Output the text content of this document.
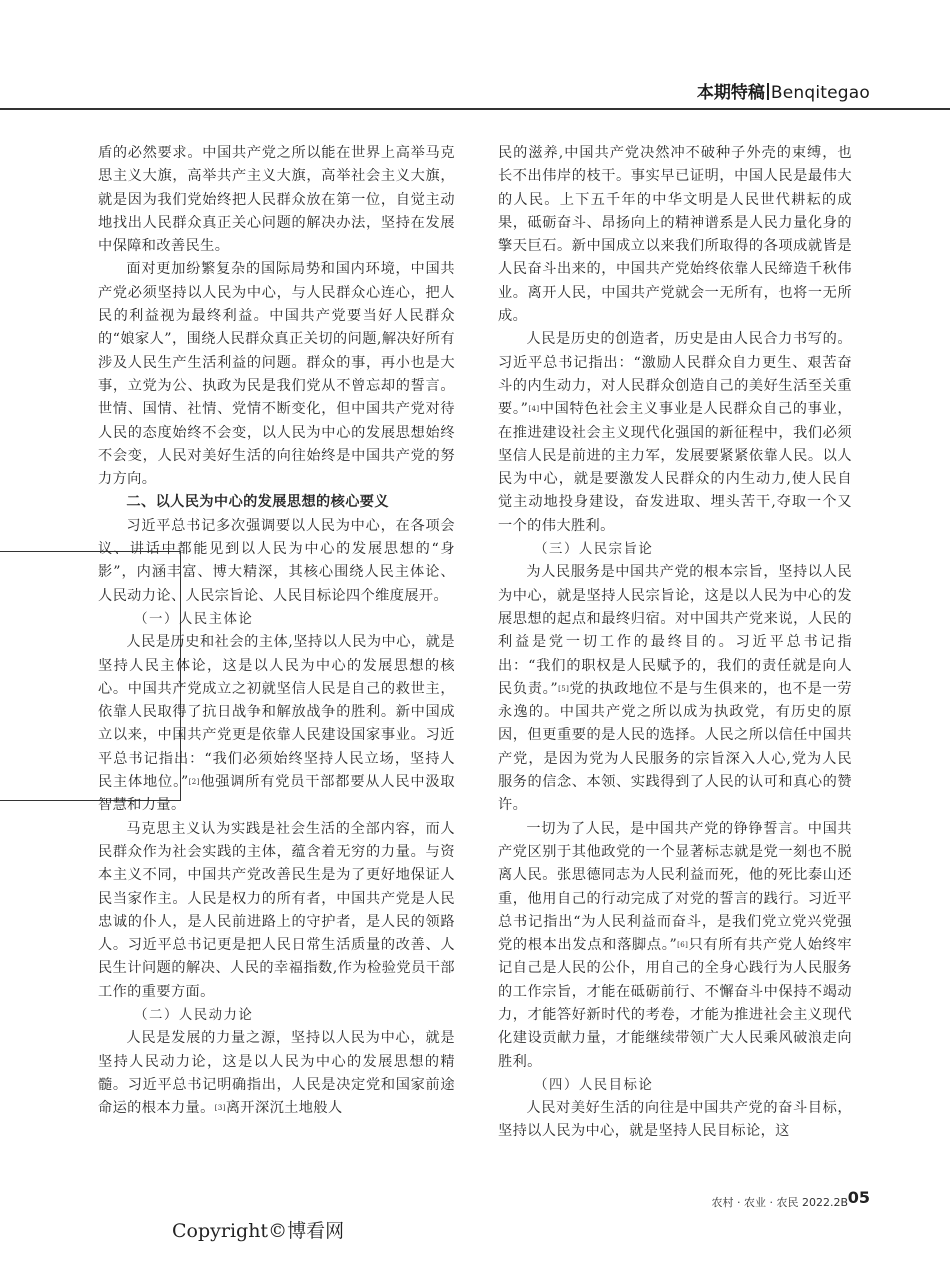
本期特稿 Benqitegao

盾的必然要求。中国共产党之所以能在世界上高举马克思主义大旗，高举共产主义大旗，高举社会主义大旗，就是因为我们党始终把人民群众放在第一位，自觉主动地找出人民群众真正关心问题的解决办法，坚持在发展中保障和改善民生。

面对更加纷繁复杂的国际局势和国内环境，中国共产党必须坚持以人民为中心，与人民群众心连心，把人民的利益视为最终利益。中国共产党要当好人民群众的“娘家人”，围绕人民群众真正关切的问题,解决好所有涉及人民生产生活利益的问题。群众的事，再小也是大事，立党为公、执政为民是我们党从不曾忘却的誓言。世情、国情、社情、党情不断变化，但中国共产党对待人民的态度始终不会变，以人民为中心的发展思想始终不会变，人民对美好生活的向往始终是中国共产党的努力方向。

二、以人民为中心的发展思想的核心要义

习近平总书记多次强调要以人民为中心，在各项会议、讲话中都能见到以人民为中心的发展思想的“身影”，内涵丰富、博大精深，其核心围绕人民主体论、人民动力论、人民宗旨论、人民目标论四个维度展开。

（一）人民主体论

人民是历史和社会的主体,坚持以人民为中心，就是坚持人民主体论，这是以人民为中心的发展思想的核心。中国共产党成立之初就坚信人民是自己的救世主，依靠人民取得了抗日战争和解放战争的胜利。新中国成立以来，中国共产党更是依靠人民建设国家事业。习近平总书记指出：“我们必须始终坚持人民立场，坚持人民主体地位。”[2]他强调所有党员干部都要从人民中汲取智慧和力量。

马克思主义认为实践是社会生活的全部内容，而人民群众作为社会实践的主体，蕴含着无穷的力量。与资本主义不同，中国共产党改善民生是为了更好地保证人民当家作主。人民是权力的所有者，中国共产党是人民忠诚的仆人，是人民前进路上的守护者，是人民的领路人。习近平总书记更是把人民日常生活质量的改善、人民生计问题的解决、人民的幸福指数,作为检验党员干部工作的重要方面。

（二）人民动力论

人民是发展的力量之源，坚持以人民为中心，就是坚持人民动力论，这是以人民为中心的发展思想的精髓。习近平总书记明确指出，人民是决定党和国家前途命运的根本力量。[3]离开深沉土地般人

民的滋养,中国共产党决然冲不破种子外壳的束缚，也长不出伟岸的枝干。事实早已证明，中国人民是最伟大的人民。上下五千年的中华文明是人民世代耕耘的成果，砥砺奋斗、昂扬向上的精神谱系是人民力量化身的擎天巨石。新中国成立以来我们所取得的各项成就皆是人民奋斗出来的，中国共产党始终依靠人民缔造千秋伟业。离开人民，中国共产党就会一无所有，也将一无所成。

人民是历史的创造者，历史是由人民合力书写的。习近平总书记指出：“激励人民群众自力更生、艰苦奋斗的内生动力，对人民群众创造自己的美好生活至关重要。”[4]中国特色社会主义事业是人民群众自己的事业，在推进建设社会主义现代化强国的新征程中，我们必须坚信人民是前进的主力军，发展要紧紧依靠人民。以人民为中心，就是要激发人民群众的内生动力,使人民自觉主动地投身建设，奋发进取、埋头苦干,夺取一个又一个的伟大胜利。

（三）人民宗旨论

为人民服务是中国共产党的根本宗旨，坚持以人民为中心，就是坚持人民宗旨论，这是以人民为中心的发展思想的起点和最终归宿。对中国共产党来说，人民的利益是党一切工作的最终目的。习近平总书记指出：“我们的职权是人民赋予的，我们的责任就是向人民负责。”[5]党的执政地位不是与生俱来的，也不是一劳永逸的。中国共产党之所以成为执政党，有历史的原因，但更重要的是人民的选择。人民之所以信任中国共产党，是因为党为人民服务的宗旨深入人心,党为人民服务的信念、本领、实践得到了人民的认可和真心的赞许。

一切为了人民，是中国共产党的铮铮誓言。中国共产党区别于其他政党的一个显著标志就是党一刻也不脱离人民。张思德同志为人民利益而死，他的死比泰山还重，他用自己的行动完成了对党的誓言的践行。习近平总书记指出“为人民利益而奋斗，是我们党立党兴党强党的根本出发点和落脚点。”[6]只有所有共产党人始终牢记自己是人民的公仆，用自己的全身心践行为人民服务的工作宗旨，才能在砥砺前行、不懈奋斗中保持不竭动力，才能答好新时代的考卷，才能为推进社会主义现代化建设贡献力量，才能继续带领广大人民乘风破浪走向胜利。

（四）人民目标论

人民对美好生活的向往是中国共产党的奋斗目标，坚持以人民为中心，就是坚持人民目标论，这

农村 · 农业 · 农民 2022.2B 05
Copyright©博看网
